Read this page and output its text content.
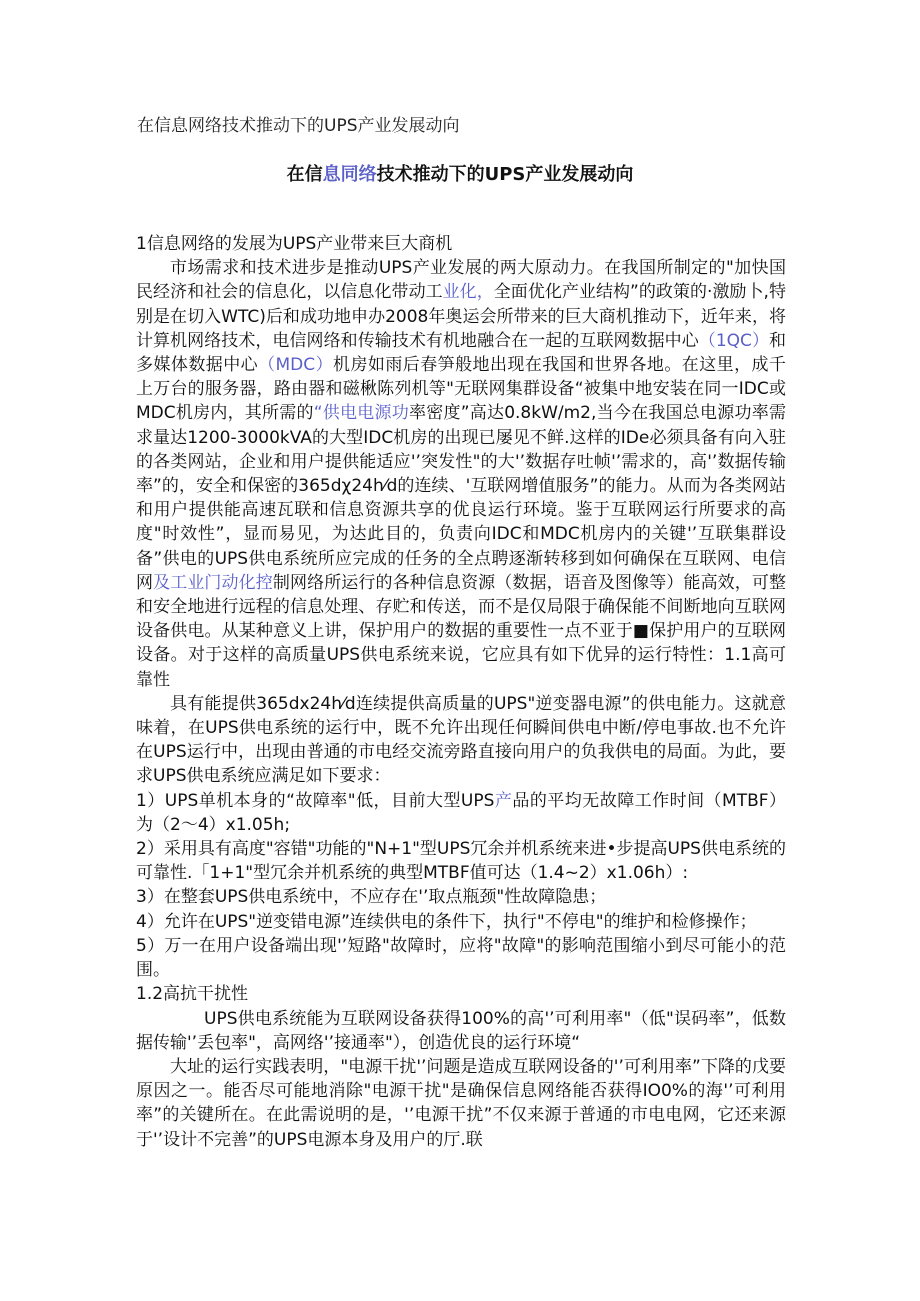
在信息网络技术推动下的UPS产业发展动向
在信息同络技术推动下的UPS产业发展动向

1信息网络的发展为UPS产业带来巨大商机

市场需求和技术进步是推动UPS产业发展的两大原动力。在我国所制定的"加快国民经济和社会的信息化，以信息化带动工业化，全面优化产业结构”的政策的·激励卜,特别是在切入WTC)后和成功地申办2008年奥运会所带来的巨大商机推动下，近年来，将计算机网络技术，电信网络和传输技术有机地融合在一起的互联网数据中心（1QC）和多媒体数据中心（MDC）机房如雨后春笋般地出现在我国和世界各地。在这里，成千上万台的服务器，路由器和磁楸陈列机等"无联网集群设备“被集中地安装在同一IDC或MDC机房内，其所需的“供电电源功率密度”高达0.8kW/m2,当今在我国总电源功率需求量达1200-3000kVA的大型IDC机房的出现已屡见不鲜.这样的IDe必须具备有向入驻的各类网站，企业和用户提供能适应'’突发性"的大'’数据存吐帧'’需求的，高'’数据传输率”的，安全和保密的365dχ24h⁄d的连续、'互联网增值服务”的能力。从而为各类网站和用户提供能高速瓦联和信息资源共享的优良运行环境。鉴于互联网运行所要求的高度"时效性”，显而易见，为达此目的，负责向IDC和MDC机房内的关键'’互联集群设备”供电的UPS供电系统所应完成的任务的全点聘逐渐转移到如何确保在互联网、电信网及工业门动化控制网络所运行的各种信息资源（数据，语音及图像等）能高效，可整和安全地进行远程的信息处理、存贮和传送，而不是仅局限于确保能不间断地向互联网设备供电。从某种意义上讲，保护用户的数据的重要性一点不亚于■保护用户的互联网设备。对于这样的高质量UPS供电系统来说，它应具有如下优异的运行特性：1.1高可靠性

具有能提供365dx24h⁄d连续提供高质量的UPS"逆变器电源”的供电能力。这就意味着，在UPS供电系统的运行中，既不允许出现任何瞬间供电中断/停电事故.也不允许在UPS运行中，出现由普通的市电经交流旁路直接向用户的负我供电的局面。为此，要求UPS供电系统应满足如下要求：

1）UPS单机本身的“故障率"低，目前大型UPS产品的平均无故障工作时间（MTBF）为（2〜4）x1.05h;

2）采用具有高度"容错"功能的"N+1"型UPS冗余并机系统来进•步提高UPS供电系统的可靠性.「1+1"型冗余并机系统的典型MTBF值可达（1.4~2）x1.06h）:

3）在整套UPS供电系统中，不应存在'’取点瓶颈"性故障隐患；

4）允许在UPS"逆变错电源”连续供电的条件下，执行"不停电"的维护和检修操作；

5）万一在用户设备端出现'’短路"故障时，应将"故障"的影响范围缩小到尽可能小的范围。

1.2高抗干扰性

UPS供电系统能为互联网设备获得100%的高'’可利用率"（低"误码率”，低数据传输'’丢包率"，高网络'’接通率"），创造优良的运行环境“

大址的运行实践表明，"电源干扰'’问题是造成互联网设备的'’可利用率”下降的戊要原因之一。能否尽可能地消除"电源干扰"是确保信息网络能否获得IO0%的海'’可利用率”的关键所在。在此需说明的是，'’电源干扰”不仅来源于普通的市电电网，它还来源于'’设计不完善”的UPS电源本身及用户的厅.联
